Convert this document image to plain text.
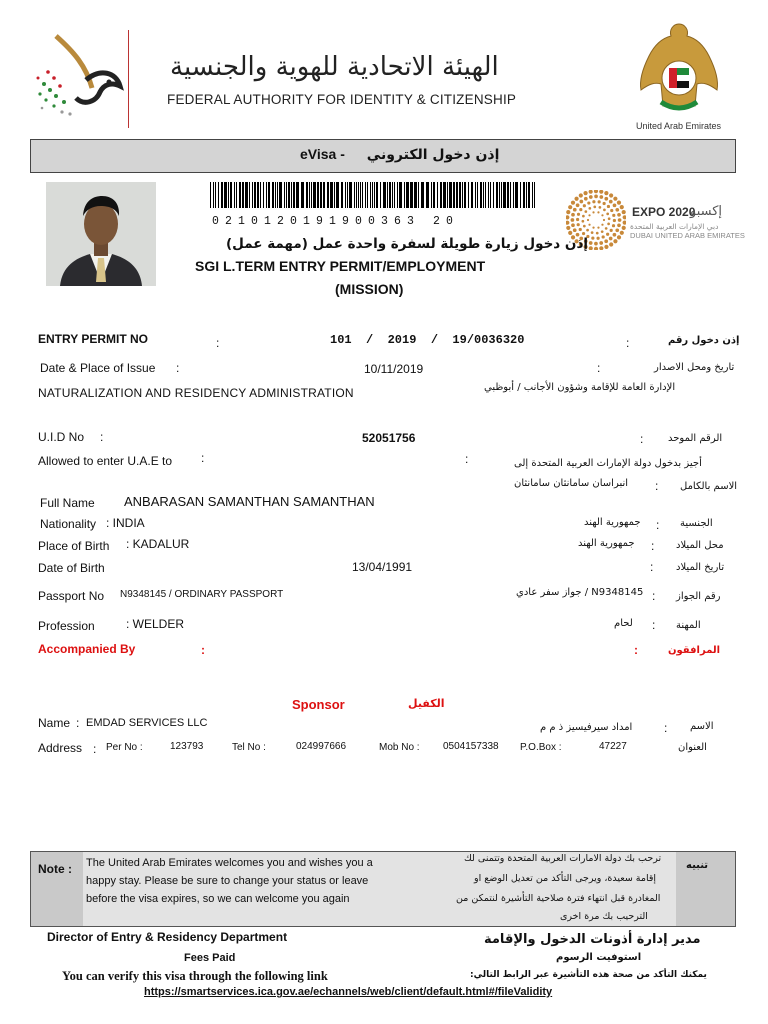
الهيئة الاتحادية للهوية والجنسية
FEDERAL AUTHORITY FOR IDENTITY & CITIZENSHIP
United Arab Emirates
eVisa - إذن دخول الكتروني
0210120191900363 20
EXPO 2020
إكسبو
دبي الإمارات العربية المتحدة
DUBAI UNITED ARAB EMIRATES
إذن دخول زيارة طويلة لسفرة واحدة عمل (مهمة عمل)
SGI L.TERM ENTRY PERMIT/EMPLOYMENT
(MISSION)
ENTRY PERMIT NO	:	101  /  2019  /  19/0036320	:	إذن دخول رقم
Date & Place of Issue :	10/11/2019	:	تاريخ ومحل الاصدار
NATURALIZATION AND RESIDENCY ADMINISTRATION	الإدارة العامة للإقامة وشؤون الأجانب / أبوظبي
U.I.D No :	52051756	: الرقم الموحد
Allowed to enter U.A.E to :	:	أجيز بدخول دولة الإمارات العربية المتحدة إلى
Full Name ANBARASAN SAMANTHAN SAMANTHAN
انبراسان سامانثان سامانثان : الاسم بالكامل
Nationality : INDIA	جمهورية الهند : الجنسية
Place of Birth : KADALUR	جمهورية الهند : محل الميلاد
Date of Birth	13/04/1991	: تاريخ الميلاد
Passport No N9348145 / ORDINARY PASSPORT	N9348145 / جواز سفر عادي : رقم الجواز
Profession	: WELDER	لحام : المهنة
Accompanied By	:	:	المرافقون
Sponsor	الكفيل
Name : EMDAD SERVICES LLC	امداد سيرفيسيز ذ م م	: الاسم
Address : Per No :	123793	Tel No :	024997666	Mob No : 0504157338 P.O.Box :	47227	العنوان
Note : The United Arab Emirates welcomes you and wishes you a
happy stay. Please be sure to change your status or leave
before the visa expires, so we can welcome you again
ترحب بك دولة الامارات العربية المتحدة وتتمنى لك
إقامة سعيدة، ويرجى التأكد من تعديل الوضع او
المغادرة قبل انتهاء فترة صلاحية التأشيرة لنتمكن من
الترحيب بك مرة اخرى
تنبيه
Director of Entry & Residency Department	مدير إدارة أذونات الدخول والإقامة
Fees Paid	استوفيت الرسوم
You can verify this visa through the following link	يمكنك التأكد من صحة هذه التأشيرة عبر الرابط التالي:
https://smartservices.ica.gov.ae/echannels/web/client/default.html#/fileValidity
